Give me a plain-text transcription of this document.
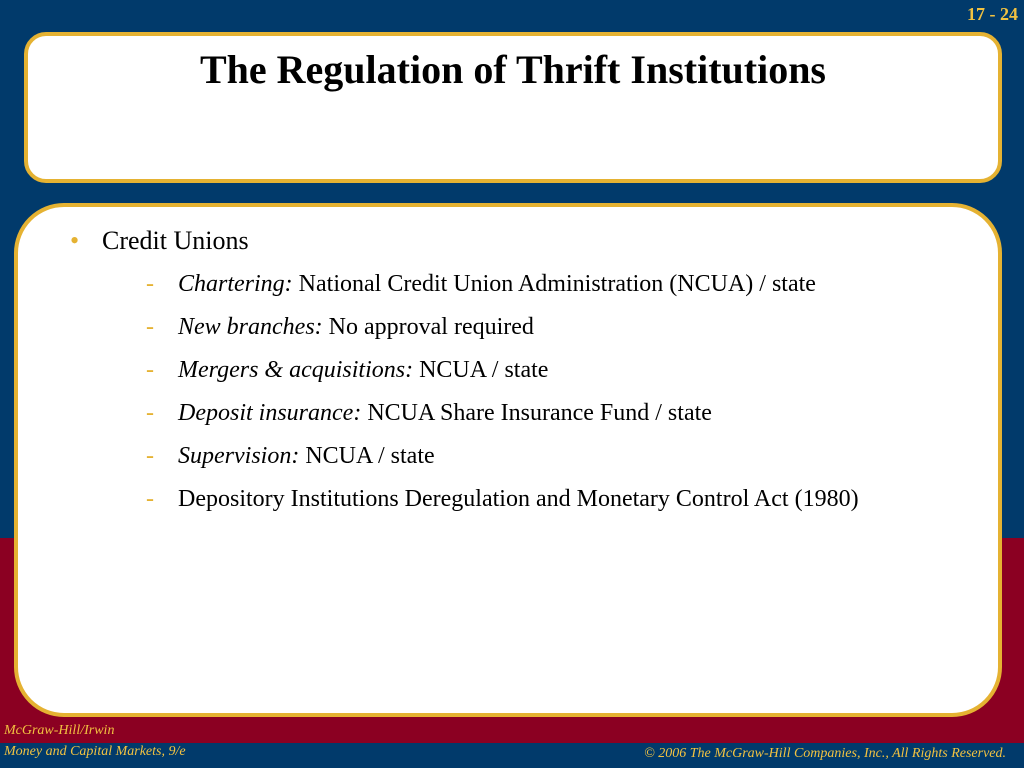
17 - 24
The Regulation of Thrift Institutions
• Credit Unions
- Chartering: National Credit Union Administration (NCUA) / state
- New branches: No approval required
- Mergers & acquisitions: NCUA / state
- Deposit insurance: NCUA Share Insurance Fund / state
- Supervision: NCUA / state
- Depository Institutions Deregulation and Monetary Control Act (1980)
McGraw-Hill/Irwin
Money and Capital Markets, 9/e	© 2006 The McGraw-Hill Companies, Inc., All Rights Reserved.
